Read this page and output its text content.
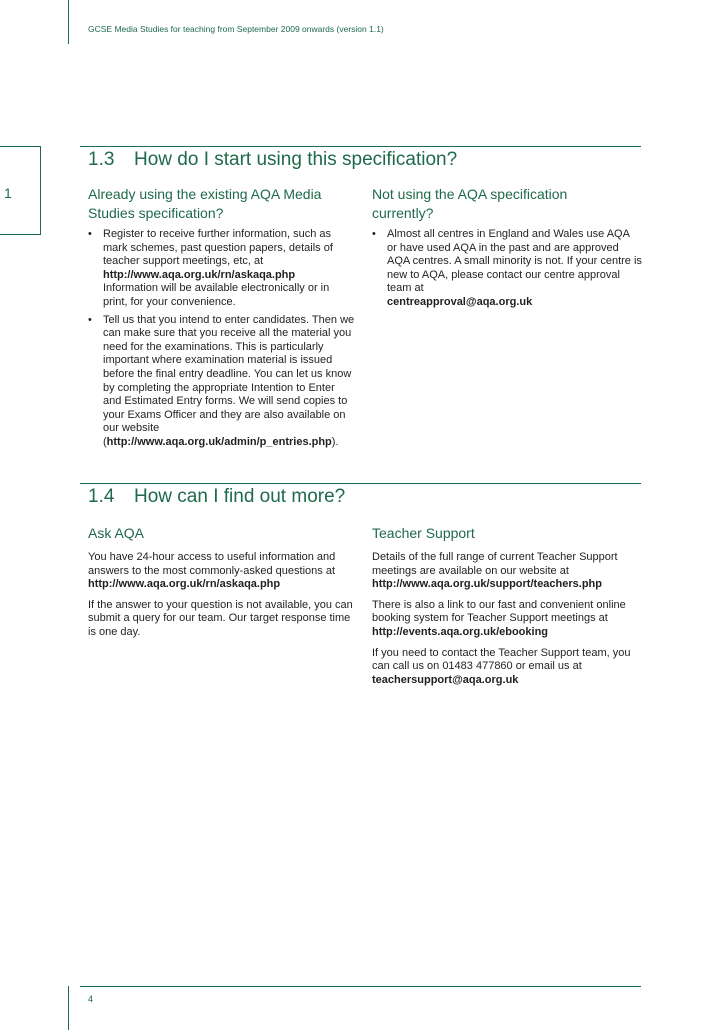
GCSE Media Studies for teaching from September 2009 onwards (version 1.1)
1
1.3 How do I start using this specification?
Already using the existing AQA Media Studies specification?
• Register to receive further information, such as mark schemes, past question papers, details of teacher support meetings, etc, at
http://www.aqa.org.uk/rn/askaqa.php
Information will be available electronically or in print, for your convenience.
• Tell us that you intend to enter candidates. Then we can make sure that you receive all the material you need for the examinations. This is particularly important where examination material is issued before the final entry deadline. You can let us know by completing the appropriate Intention to Enter and Estimated Entry forms. We will send copies to your Exams Officer and they are also available on our website
(http://www.aqa.org.uk/admin/p_entries.php).
Not using the AQA specification currently?
• Almost all centres in England and Wales use AQA or have used AQA in the past and are approved AQA centres. A small minority is not. If your centre is new to AQA, please contact our centre approval team at
centreapproval@aqa.org.uk
1.4 How can I find out more?
Ask AQA

You have 24-hour access to useful information and answers to the most commonly-asked questions at
http://www.aqa.org.uk/rn/askaqa.php

If the answer to your question is not available, you can submit a query for our team. Our target response time is one day.

Teacher Support

Details of the full range of current Teacher Support meetings are available on our website at
http://www.aqa.org.uk/support/teachers.php

There is also a link to our fast and convenient online booking system for Teacher Support meetings at
http://events.aqa.org.uk/ebooking

If you need to contact the Teacher Support team, you can call us on 01483 477860 or email us at
teachersupport@aqa.org.uk

4
